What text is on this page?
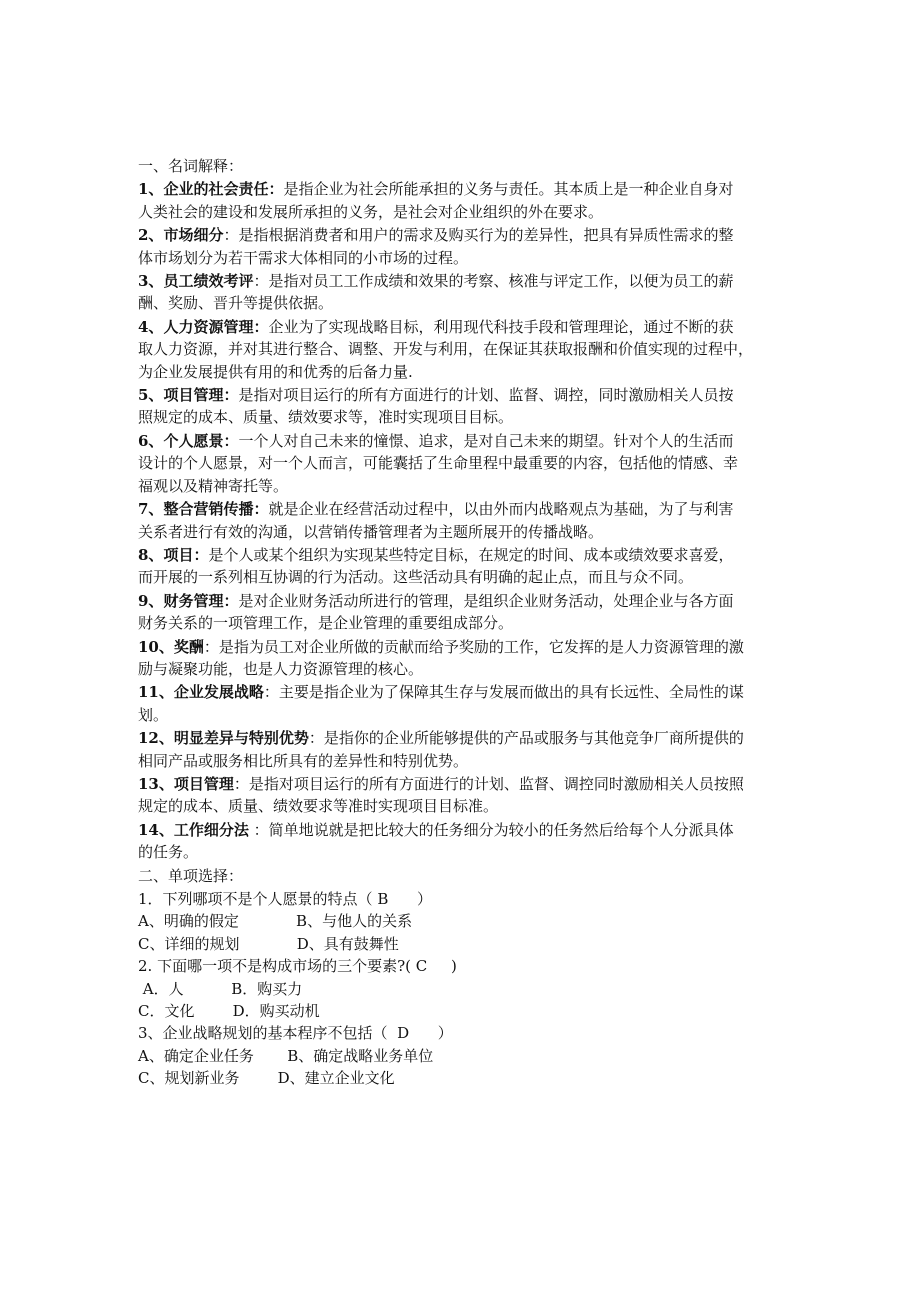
一、名词解释：
1、企业的社会责任：是指企业为社会所能承担的义务与责任。其本质上是一种企业自身对
人类社会的建设和发展所承担的义务，是社会对企业组织的外在要求。
2、市场细分：是指根据消费者和用户的需求及购买行为的差异性，把具有异质性需求的整
体市场划分为若干需求大体相同的小市场的过程。
3、员工绩效考评：是指对员工工作成绩和效果的考察、核准与评定工作，以便为员工的薪
酬、奖励、晋升等提供依据。
4、人力资源管理：企业为了实现战略目标，利用现代科技手段和管理理论，通过不断的获
取人力资源，并对其进行整合、调整、开发与利用，在保证其获取报酬和价值实现的过程中，
为企业发展提供有用的和优秀的后备力量.
5、项目管理：是指对项目运行的所有方面进行的计划、监督、调控，同时激励相关人员按
照规定的成本、质量、绩效要求等，准时实现项目目标。
6、个人愿景：一个人对自己未来的憧憬、追求，是对自己未来的期望。针对个人的生活而
设计的个人愿景，对一个人而言，可能囊括了生命里程中最重要的内容，包括他的情感、幸
福观以及精神寄托等。
7、整合营销传播：就是企业在经营活动过程中，以由外而内战略观点为基础，为了与利害
关系者进行有效的沟通，以营销传播管理者为主题所展开的传播战略。
8、项目：是个人或某个组织为实现某些特定目标，在规定的时间、成本或绩效要求喜爱，
而开展的一系列相互协调的行为活动。这些活动具有明确的起止点，而且与众不同。
9、财务管理：是对企业财务活动所进行的管理，是组织企业财务活动，处理企业与各方面
财务关系的一项管理工作，是企业管理的重要组成部分。
10、奖酬：是指为员工对企业所做的贡献而给予奖励的工作，它发挥的是人力资源管理的激
励与凝聚功能，也是人力资源管理的核心。
11、企业发展战略：主要是指企业为了保障其生存与发展而做出的具有长远性、全局性的谋
划。
12、明显差异与特别优势：是指你的企业所能够提供的产品或服务与其他竞争厂商所提供的
相同产品或服务相比所具有的差异性和特别优势。
13、项目管理：是指对项目运行的所有方面进行的计划、监督、调控同时激励相关人员按照
规定的成本、质量、绩效要求等准时实现项目目标准。
14、工作细分法 ：简单地说就是把比较大的任务细分为较小的任务然后给每个人分派具体
的任务。
二、单项选择：
1．下列哪项不是个人愿景的特点（ B      ）
A、明确的假定            B、与他人的关系
C、详细的规划            D、具有鼓舞性
2. 下面哪一项不是构成市场的三个要素?( C     )
A．人          B．购买力
C．文化        D．购买动机
3、企业战略规划的基本程序不包括（  D      ）
A、确定企业任务       B、确定战略业务单位
C、规划新业务        D、建立企业文化
